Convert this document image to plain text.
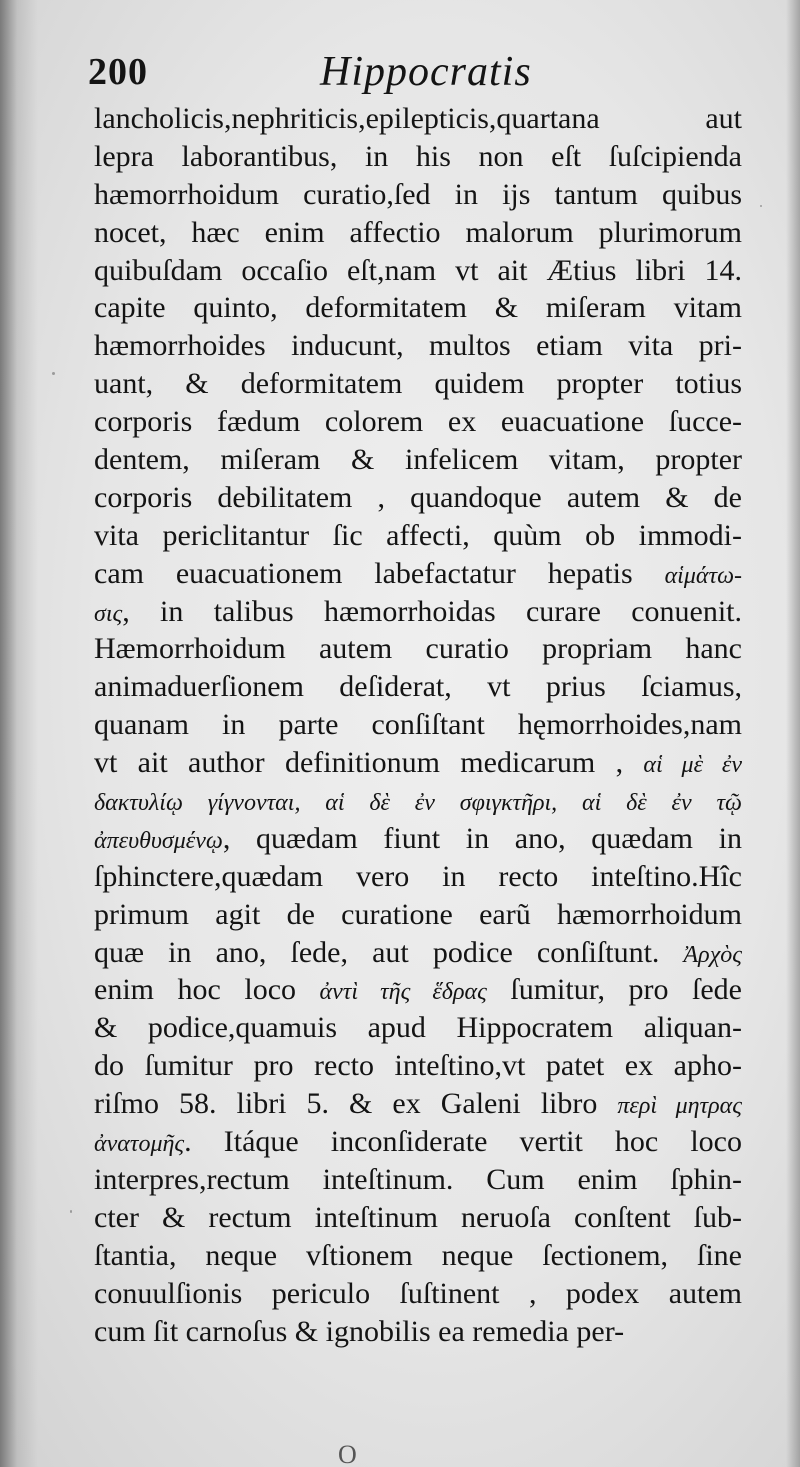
200	Hippocratis
lancholicis,nephriticis,epilepticis,quartana aut
lepra laborantibus, in his non eſt ſuſcipienda
hæmorrhoidum curatio,ſed in ijs tantum quibus
nocet, hæc enim affectio malorum plurimorum
quibuſdam occaſio eſt,nam vt ait Ætius libri 14.
capite quinto, deformitatem & miſeram vitam
hæmorrhoides inducunt, multos etiam vita pri-
uant, & deformitatem quidem propter totius
corporis fædum colorem ex euacuatione ſucce-
dentem, miſeram & infelicem vitam, propter
corporis debilitatem , quandoque autem & de
vita periclitantur ſic affecti, quùm ob immodi-
cam euacuationem labefactatur hepatis αἱμάτω-
σις, in talibus hæmorrhoidas curare conuenit.
Hæmorrhoidum autem curatio propriam hanc
animaduerſionem deſiderat, vt prius ſciamus,
quanam in parte conſiſtant hęmorrhoides,nam
vt ait author definitionum medicarum , αἱ μὲ ἐν
δακτυλίῳ γίγνονται, αἱ δὲ ἐν σφιγκτῆρι, αἱ δὲ ἐν τῷ
ἀπευθυσμένῳ, quædam fiunt in ano, quædam in
ſphinctere,quædam vero in recto inteſtino.Hîc
primum agit de curatione earũ hæmorrhoidum
quæ in ano, ſede, aut podice conſiſtunt. Ἀρχὸς
enim hoc loco ἀντὶ τῆς ἕδρας ſumitur, pro ſede
& podice,quamuis apud Hippocratem aliquan-
do ſumitur pro recto inteſtino,vt patet ex apho-
riſmo 58. libri 5. & ex Galeni libro περὶ μητρας
ἀνατομῆς. Itáque inconſiderate vertit hoc loco
interpres,rectum inteſtinum. Cum enim ſphin-
cter & rectum inteſtinum neruoſa conſtent ſub-
ſtantia, neque vſtionem neque ſectionem, ſine
conuulſionis periculo ſuſtinent , podex autem
cum ſit carnoſus & ignobilis ea remedia per-
O
